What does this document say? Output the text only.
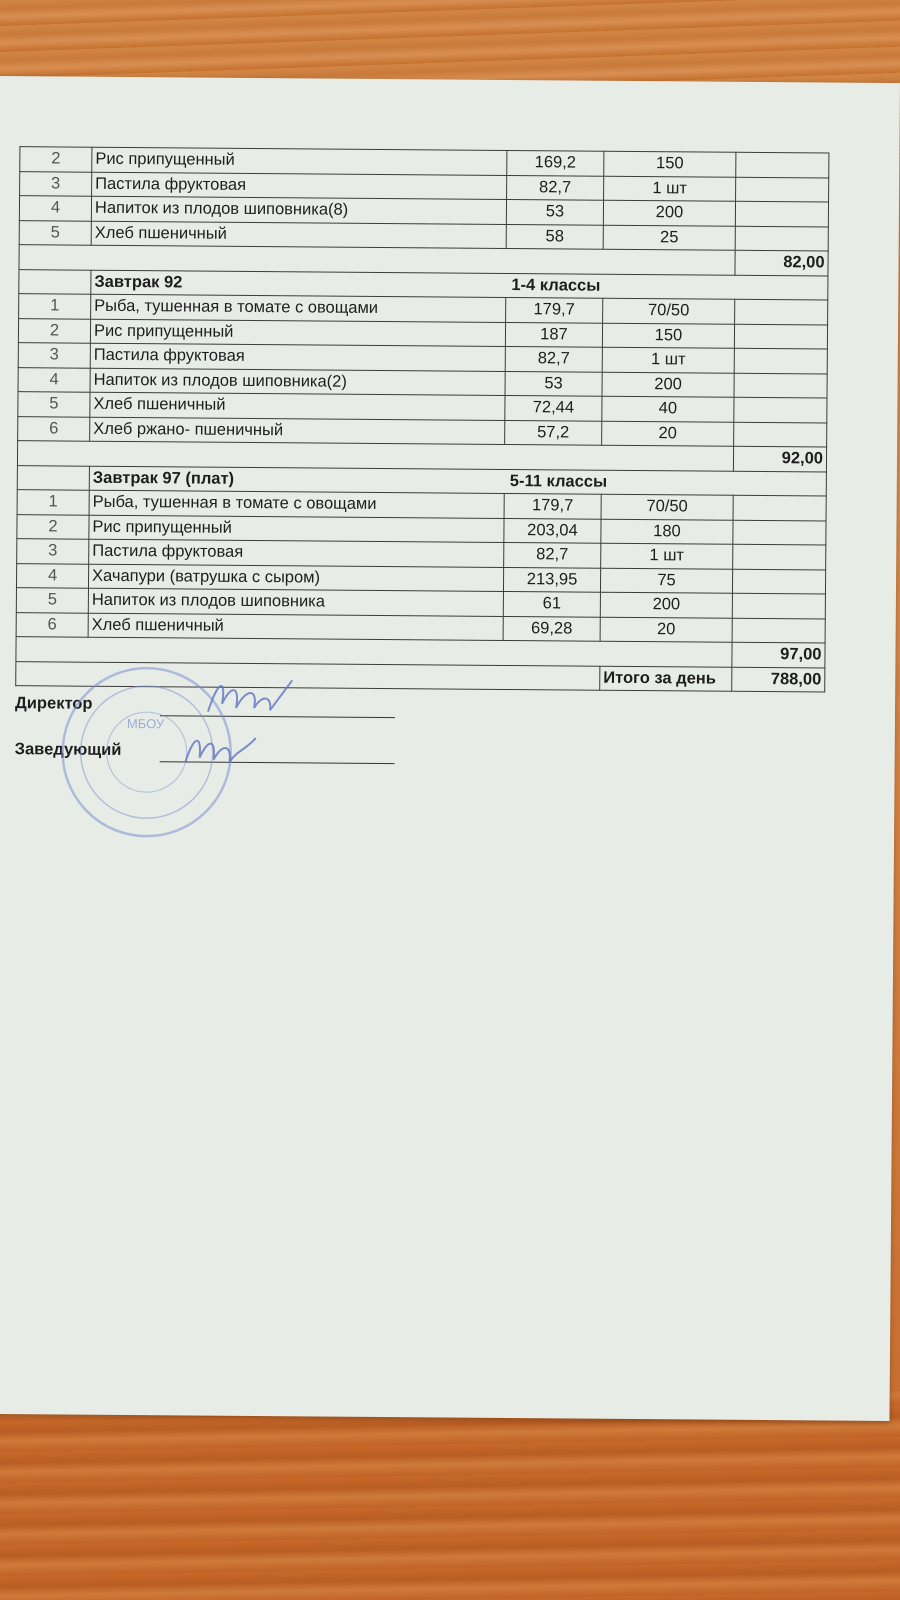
2	Рис припущенный	169,2	150	
3	Пастила фруктовая	82,7	1 шт	
4	Напиток из плодов шиповника(8)	53	200	
5	Хлеб пшеничный	58	25	
				82,00
	Завтрак 92 1-4 классы			

1	Рыба, тушенная в томате с овощами	179,7	70/50	
2	Рис припущенный	187	150	
3	Пастила фруктовая	82,7	1 шт	
4	Напиток из плодов шиповника(2)	53	200	
5	Хлеб пшеничный	72,44	40	
6	Хлеб ржано- пшеничный	57,2	20	
				92,00
	Завтрак 97 (плат) 5-11 классы			

1	Рыба, тушенная в томате с овощами	179,7	70/50	
2	Рис припущенный	203,04	180	
3	Пастила фруктовая	82,7	1 шт	
4	Хачапури (ватрушка с сыром)	213,95	75	
5	Напиток из плодов шиповника	61	200	
6	Хлеб пшеничный	69,28	20	
				97,00
			Итого за день	788,00
Директор
Заведующий
МБОУ
